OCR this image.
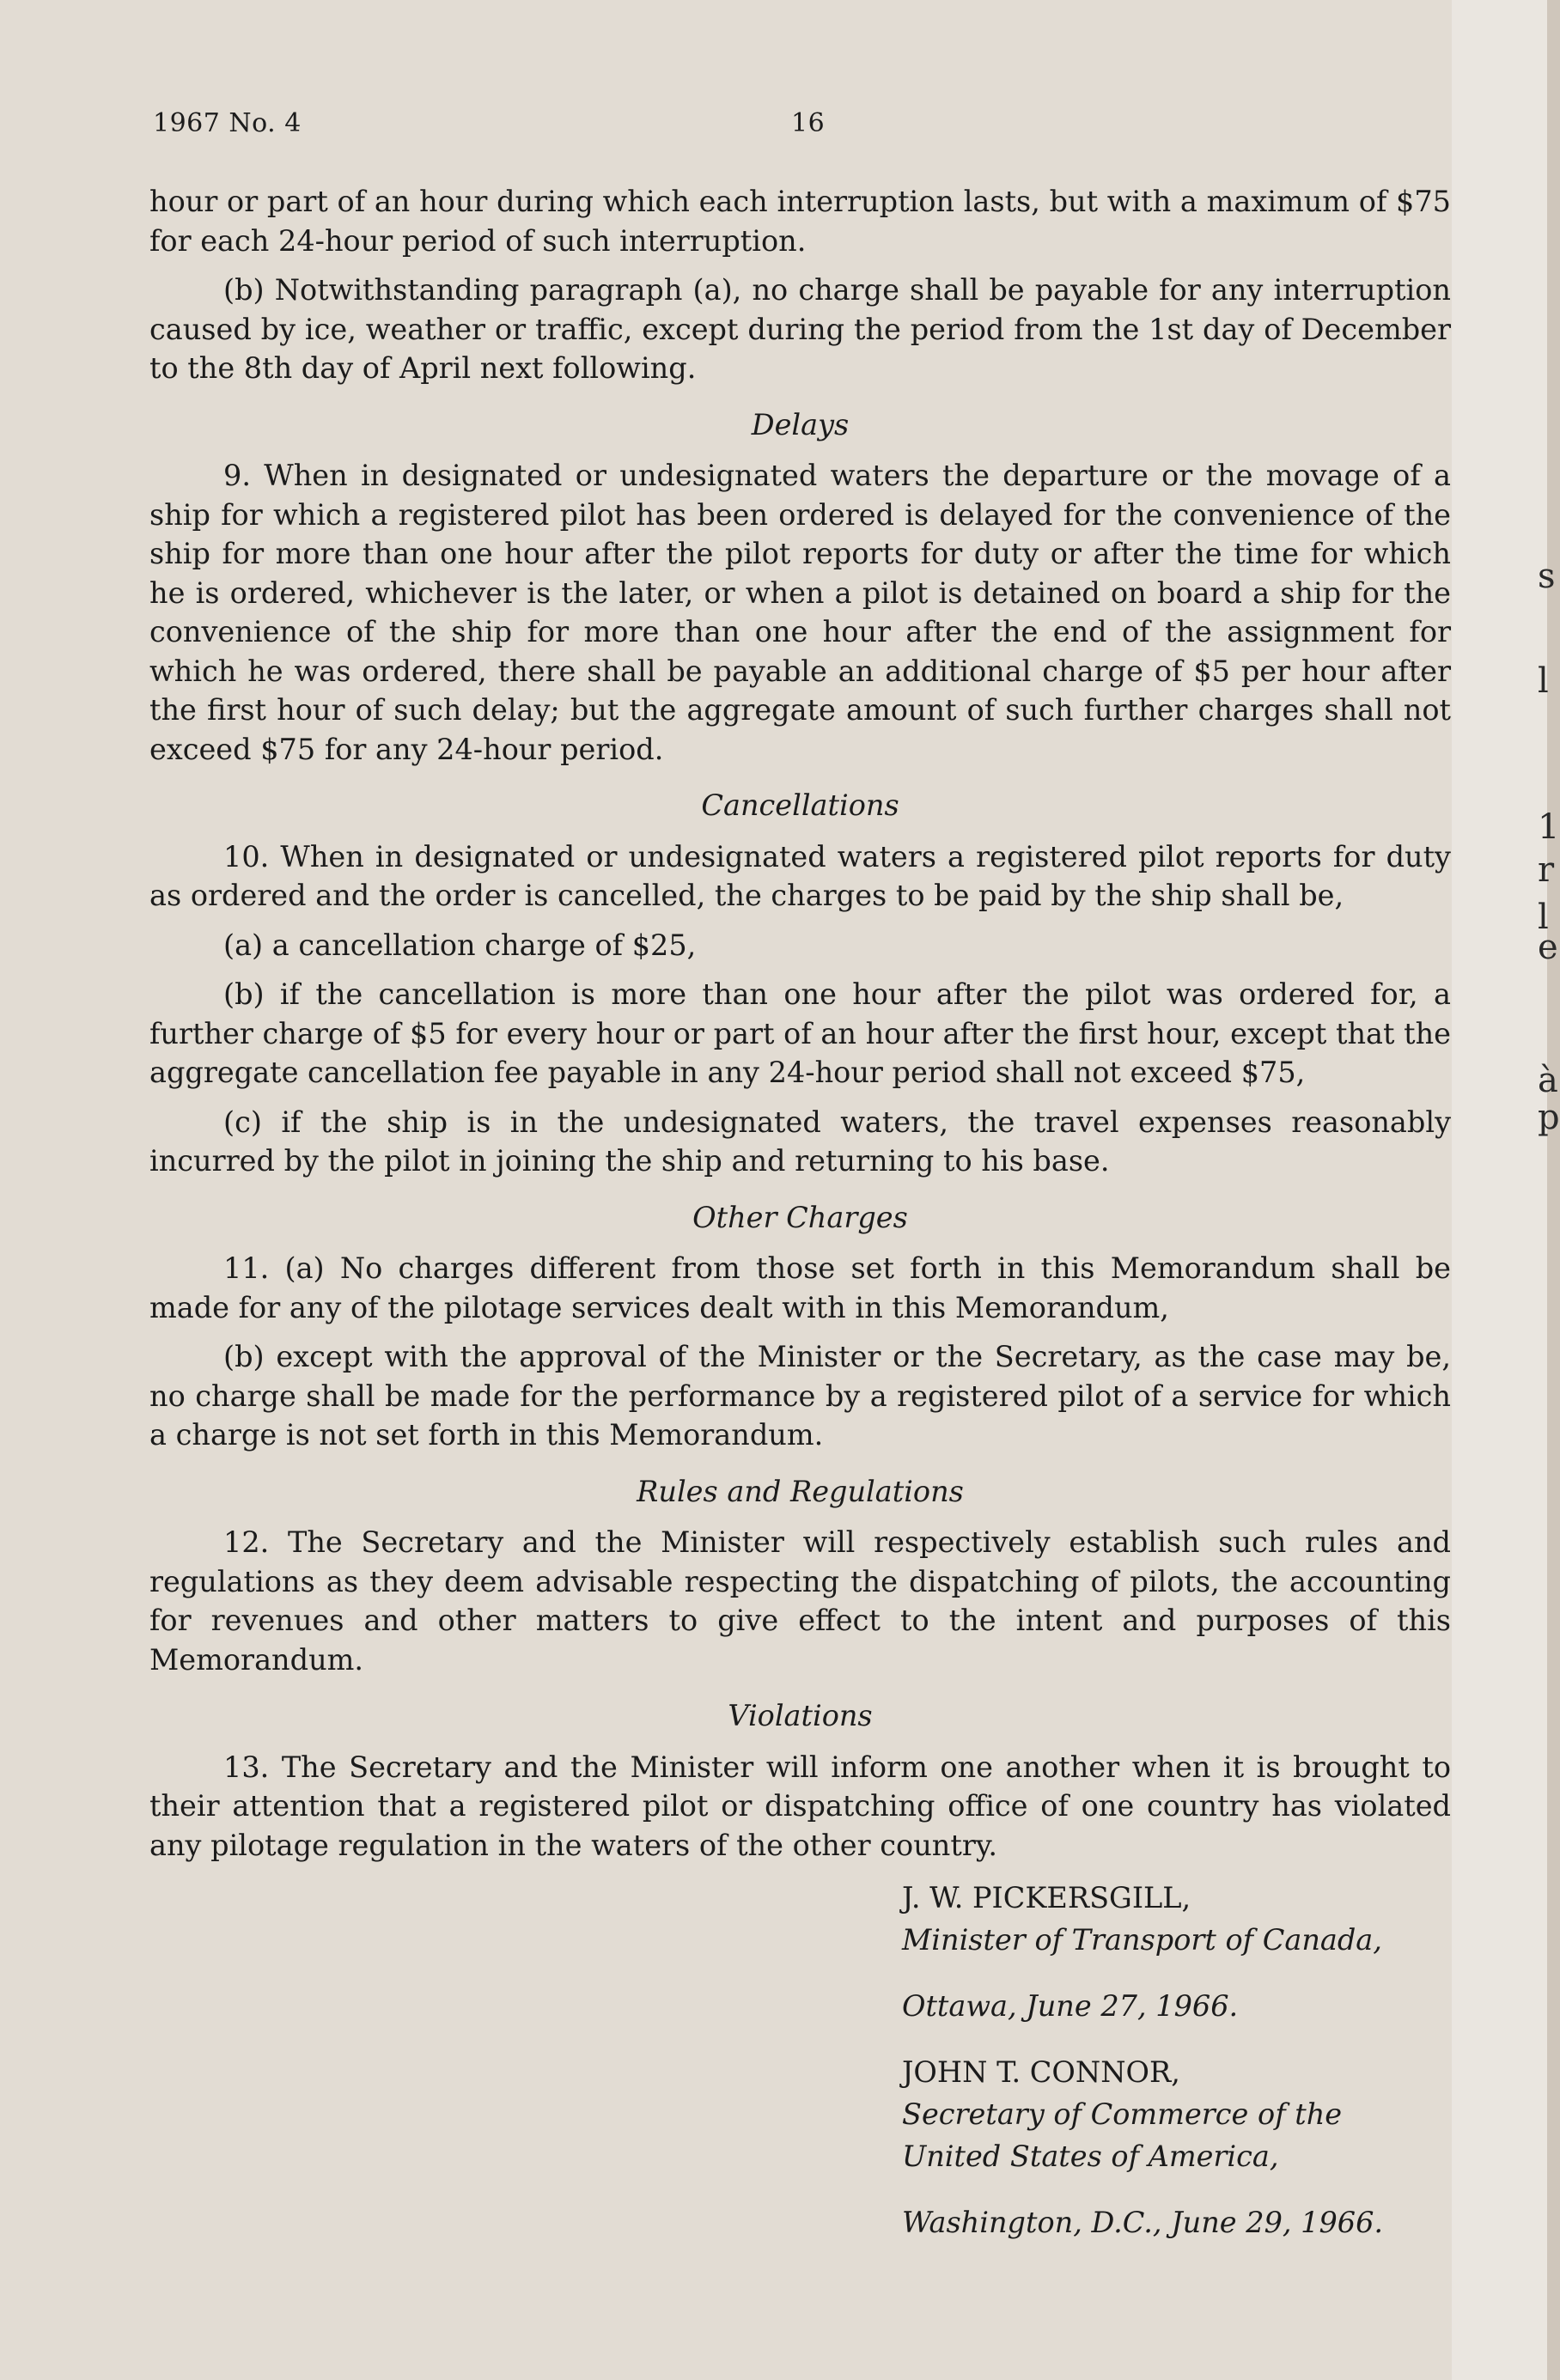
1967 No. 4	16

hour or part of an hour during which each interruption lasts, but with a maximum of $75 for each 24-hour period of such interruption.

(b) Notwithstanding paragraph (a), no charge shall be payable for any interruption caused by ice, weather or traffic, except during the period from the 1st day of December to the 8th day of April next following.

Delays

9. When in designated or undesignated waters the departure or the movage of a ship for which a registered pilot has been ordered is delayed for the convenience of the ship for more than one hour after the pilot reports for duty or after the time for which he is ordered, whichever is the later, or when a pilot is detained on board a ship for the convenience of the ship for more than one hour after the end of the assignment for which he was ordered, there shall be payable an additional charge of $5 per hour after the first hour of such delay; but the aggregate amount of such further charges shall not exceed $75 for any 24-hour period.

Cancellations

10. When in designated or undesignated waters a registered pilot reports for duty as ordered and the order is cancelled, the charges to be paid by the ship shall be,

(a) a cancellation charge of $25,

(b) if the cancellation is more than one hour after the pilot was ordered for, a further charge of $5 for every hour or part of an hour after the first hour, except that the aggregate cancellation fee payable in any 24-hour period shall not exceed $75,

(c) if the ship is in the undesignated waters, the travel expenses reasonably incurred by the pilot in joining the ship and returning to his base.

Other Charges

11. (a) No charges different from those set forth in this Memorandum shall be made for any of the pilotage services dealt with in this Memorandum,

(b) except with the approval of the Minister or the Secretary, as the case may be, no charge shall be made for the performance by a registered pilot of a service for which a charge is not set forth in this Memorandum.

Rules and Regulations

12. The Secretary and the Minister will respectively establish such rules and regulations as they deem advisable respecting the dispatching of pilots, the accounting for revenues and other matters to give effect to the intent and purposes of this Memorandum.

Violations

13. The Secretary and the Minister will inform one another when it is brought to their attention that a registered pilot or dispatching office of one country has violated any pilotage regulation in the waters of the other country.

J. W. PICKERSGILL,
Minister of Transport of Canada,
Ottawa, June 27, 1966.
JOHN T. CONNOR,
Secretary of Commerce of the
United States of America,
Washington, D.C., June 29, 1966.
s
l
1
r
l
e
à
p
